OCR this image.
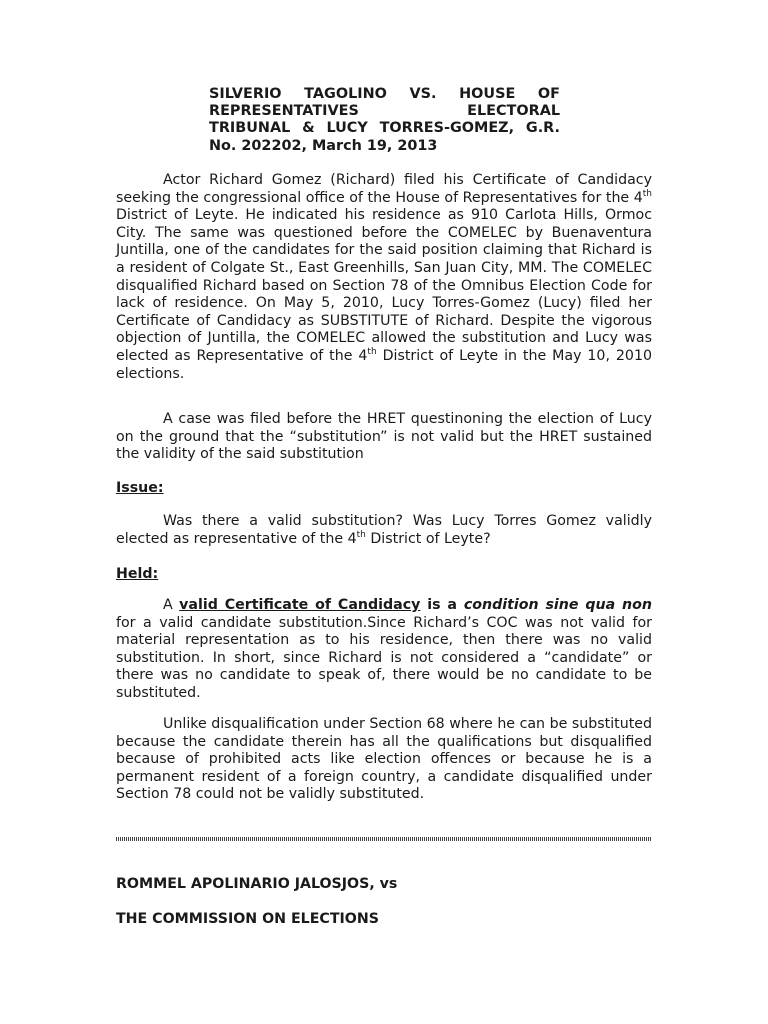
SILVERIO TAGOLINO VS. HOUSE OF
REPRESENTATIVES ELECTORAL
TRIBUNAL & LUCY TORRES-GOMEZ, G.R.
No. 202202, March 19, 2013

Actor Richard Gomez (Richard) filed his Certificate of Candidacy seeking the congressional office of the House of Representatives for the 4th District of Leyte. He indicated his residence as 910 Carlota Hills, Ormoc City. The same was questioned before the COMELEC by Buenaventura Juntilla, one of the candidates for the said position claiming that Richard is a resident of Colgate St., East Greenhills, San Juan City, MM. The COMELEC disqualified Richard based on Section 78 of the Omnibus Election Code for lack of residence. On May 5, 2010, Lucy Torres-Gomez (Lucy) filed her Certificate of Candidacy as SUBSTITUTE of Richard. Despite the vigorous objection of Juntilla, the COMELEC allowed the substitution and Lucy was elected as Representative of the 4th District of Leyte in the May 10, 2010 elections.

A case was filed before the HRET questinoning the election of Lucy on the ground that the “substitution” is not valid but the HRET sustained the validity of the said substitution

Issue:

Was there a valid substitution? Was Lucy Torres Gomez validly elected as representative of the 4th District of Leyte?

Held:

A valid Certificate of Candidacy is a condition sine qua non for a valid candidate substitution.Since Richard’s COC was not valid for material representation as to his residence, then there was no valid substitution. In short, since Richard is not considered a “candidate” or there was no candidate to speak of, there would be no candidate to be substituted.

Unlike disqualification under Section 68 where he can be substituted because the candidate therein has all the qualifications but disqualified because of prohibited acts like election offences or because he is a permanent resident of a foreign country, a candidate disqualified under Section 78 could not be validly substituted.

ROMMEL APOLINARIO JALOSJOS, vs
THE COMMISSION ON ELECTIONS
